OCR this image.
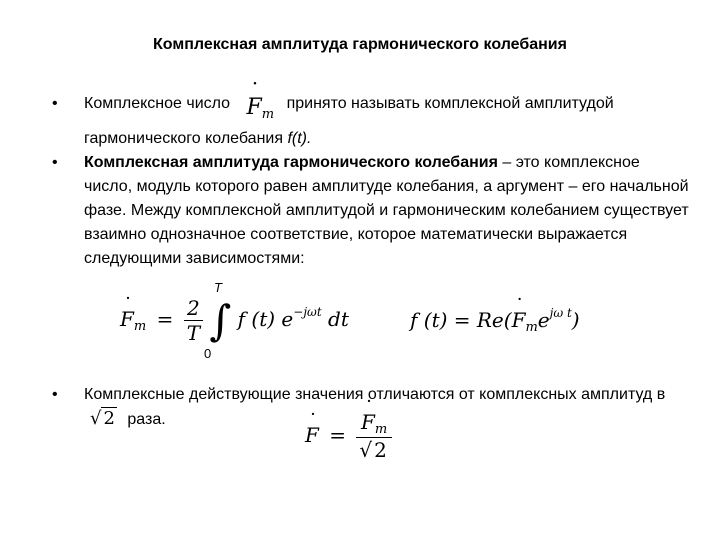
Комплексная амплитуда гармонического колебания
•	Комплексное число ˙ $F_m$ принято называть комплексной амплитудой гармонического колебания f(t).
•	Комплексная амплитуда гармонического колебания – это комплексное число, модуль которого равен амплитуде колебания, а аргумент – его начальной фазе. Между комплексной амплитудой и гармоническим колебанием существует взаимно однозначное соответствие, которое математически выражается следующими зависимостями:
•	Комплексные действующие значения отличаются от комплексных амплитуд в √ 2 раза.
˙ $F_m = \frac{2}{T}$ ∫ f (t) $e^{-j\omega t}$ dt
T
0
f (t) = Re(˙ $F_me^{j\omega t}$)
˙ F = ˙ $\frac{F_m}{√ 2}$
